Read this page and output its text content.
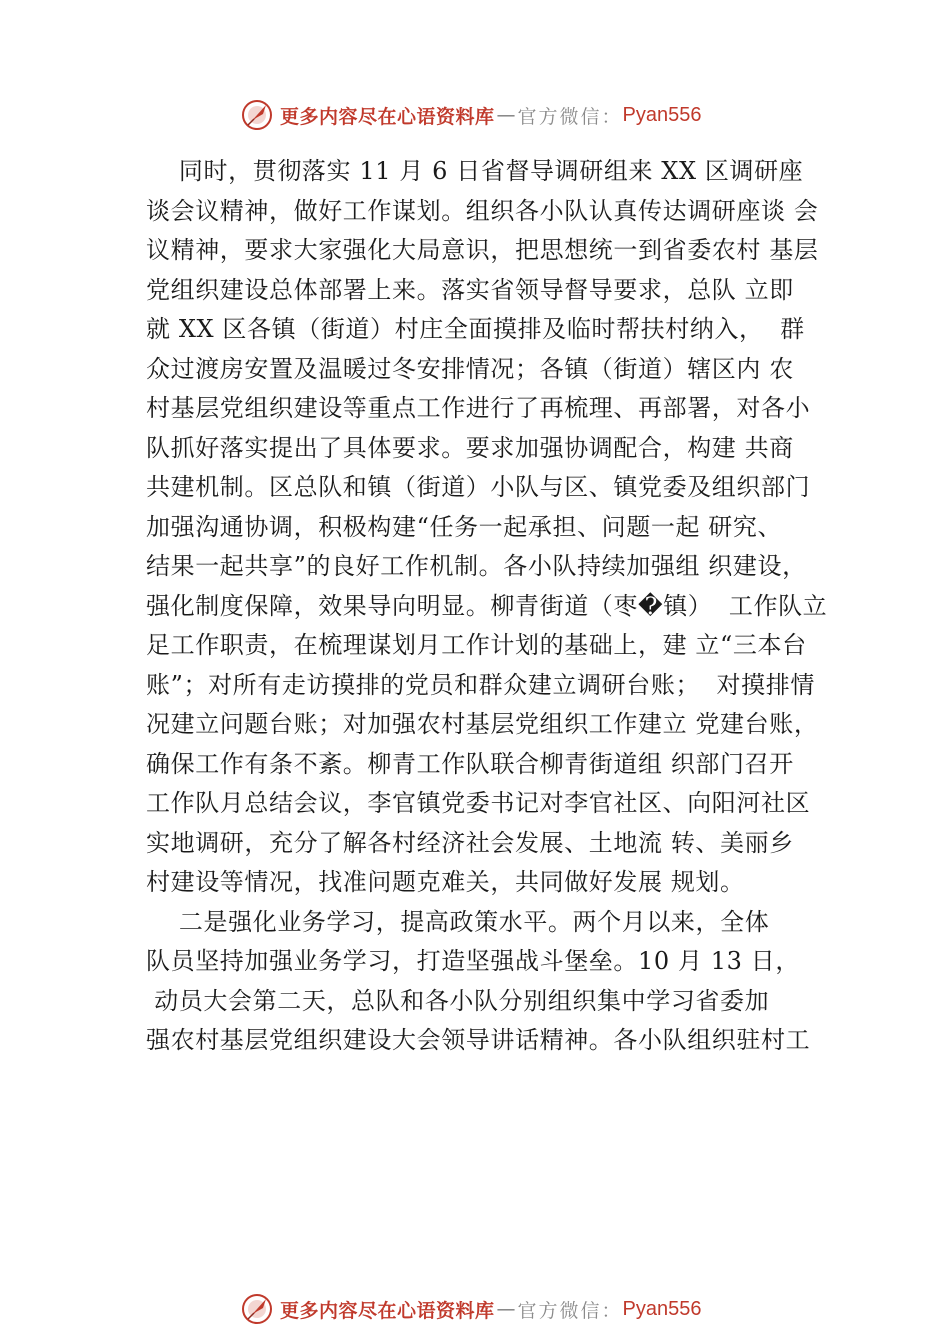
更多内容尽在心语资料库 — 官方微信： Pyan556
同时，贯彻落实 11 月 6 日省督导调研组来 XX 区调研座
谈会议精神，做好工作谋划。组织各小队认真传达调研座谈 会
议精神，要求大家强化大局意识，把思想统一到省委农村 基层
党组织建设总体部署上来。落实省领导督导要求，总队 立即
就 XX 区各镇（街道）村庄全面摸排及临时帮扶村纳入，  群
众过渡房安置及温暖过冬安排情况；各镇（街道）辖区内 农
村基层党组织建设等重点工作进行了再梳理、再部署，对各小
队抓好落实提出了具体要求。要求加强协调配合，构建 共商
共建机制。区总队和镇（街道）小队与区、镇党委及组织部门
加强沟通协调，积极构建“任务一起承担、问题一起 研究、
结果一起共享”的良好工作机制。各小队持续加强组 织建设，
强化制度保障，效果导向明显。柳青街道（枣�镇）  工作队立
足工作职责，在梳理谋划月工作计划的基础上，建 立“三本台
账”；对所有走访摸排的党员和群众建立调研台账；  对摸排情
况建立问题台账；对加强农村基层党组织工作建立 党建台账，
确保工作有条不紊。柳青工作队联合柳青街道组 织部门召开
工作队月总结会议，李官镇党委书记对李官社区、向阳河社区
实地调研，充分了解各村经济社会发展、土地流 转、美丽乡
村建设等情况，找准问题克难关，共同做好发展 规划。
二是强化业务学习，提高政策水平。两个月以来，全体
队员坚持加强业务学习，打造坚强战斗堡垒。10 月 13 日，
动员大会第二天，总队和各小队分别组织集中学习省委加
强农村基层党组织建设大会领导讲话精神。各小队组织驻村工
更多内容尽在心语资料库 — 官方微信： Pyan556
